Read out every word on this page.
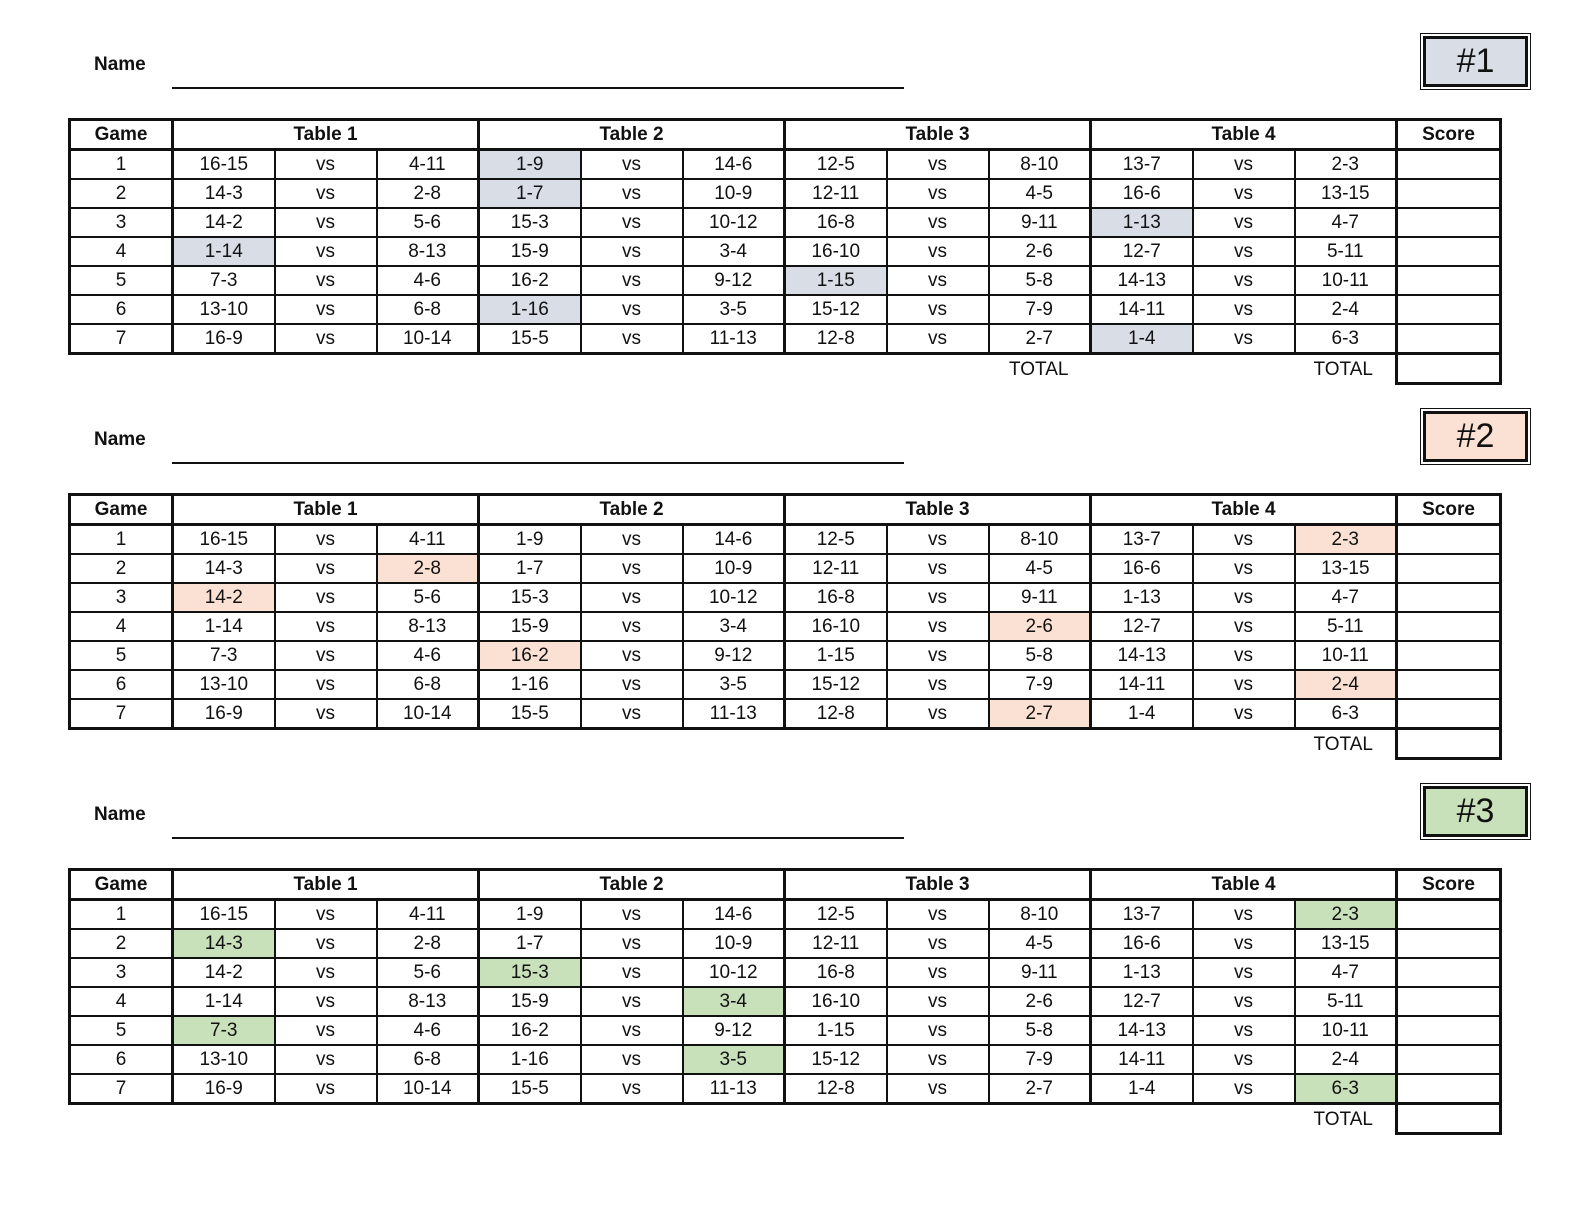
Name	#1
Game	Table 1			Table 2			Table 3			Table 4			Score
1	16-15	vs	4-11	1-9	vs	14-6	12-5	vs	8-10	13-7	vs	2-3	
2	14-3	vs	2-8	1-7	vs	10-9	12-11	vs	4-5	16-6	vs	13-15	
3	14-2	vs	5-6	15-3	vs	10-12	16-8	vs	9-11	1-13	vs	4-7	
4	1-14	vs	8-13	15-9	vs	3-4	16-10	vs	2-6	12-7	vs	5-11	
5	7-3	vs	4-6	16-2	vs	9-12	1-15	vs	5-8	14-13	vs	10-11	
6	13-10	vs	6-8	1-16	vs	3-5	15-12	vs	7-9	14-11	vs	2-4	
7	16-9	vs	10-14	15-5	vs	11-13	12-8	vs	2-7	1-4	vs	6-3	
							TOTAL			TOTAL			
Name	#2
Game	Table 1			Table 2			Table 3			Table 4			Score
1	16-15	vs	4-11	1-9	vs	14-6	12-5	vs	8-10	13-7	vs	2-3	
2	14-3	vs	2-8	1-7	vs	10-9	12-11	vs	4-5	16-6	vs	13-15	
3	14-2	vs	5-6	15-3	vs	10-12	16-8	vs	9-11	1-13	vs	4-7	
4	1-14	vs	8-13	15-9	vs	3-4	16-10	vs	2-6	12-7	vs	5-11	
5	7-3	vs	4-6	16-2	vs	9-12	1-15	vs	5-8	14-13	vs	10-11	
6	13-10	vs	6-8	1-16	vs	3-5	15-12	vs	7-9	14-11	vs	2-4	
7	16-9	vs	10-14	15-5	vs	11-13	12-8	vs	2-7	1-4	vs	6-3	
										TOTAL			
Name	#3
Game	Table 1			Table 2			Table 3			Table 4			Score
1	16-15	vs	4-11	1-9	vs	14-6	12-5	vs	8-10	13-7	vs	2-3	
2	14-3	vs	2-8	1-7	vs	10-9	12-11	vs	4-5	16-6	vs	13-15	
3	14-2	vs	5-6	15-3	vs	10-12	16-8	vs	9-11	1-13	vs	4-7	
4	1-14	vs	8-13	15-9	vs	3-4	16-10	vs	2-6	12-7	vs	5-11	
5	7-3	vs	4-6	16-2	vs	9-12	1-15	vs	5-8	14-13	vs	10-11	
6	13-10	vs	6-8	1-16	vs	3-5	15-12	vs	7-9	14-11	vs	2-4	
7	16-9	vs	10-14	15-5	vs	11-13	12-8	vs	2-7	1-4	vs	6-3	
										TOTAL			
